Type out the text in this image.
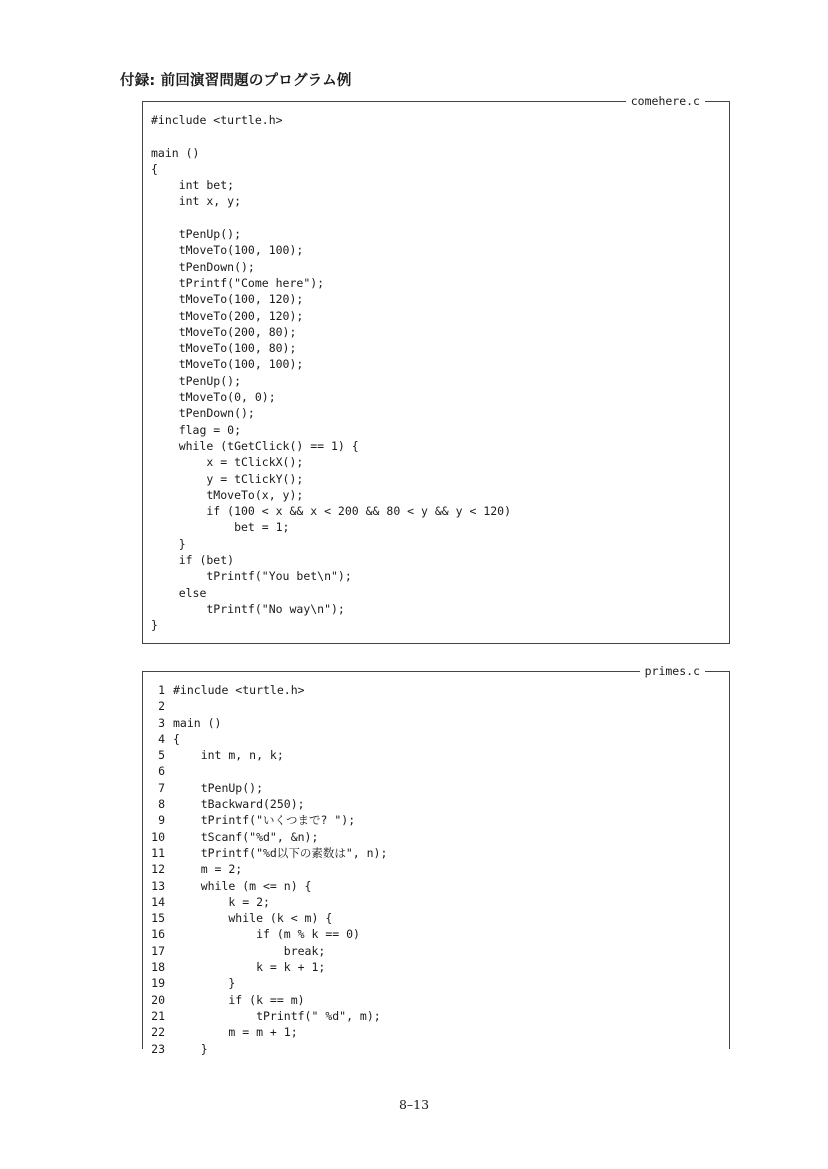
付録: 前回演習問題のプログラム例
comehere.c
#include <turtle.h>
main ()
{
int bet;
int x, y;
tPenUp();
tMoveTo(100, 100);
tPenDown();
tPrintf("Come here");
tMoveTo(100, 120);
tMoveTo(200, 120);
tMoveTo(200, 80);
tMoveTo(100, 80);
tMoveTo(100, 100);
tPenUp();
tMoveTo(0, 0);
tPenDown();
flag = 0;
while (tGetClick() == 1) {
x = tClickX();
y = tClickY();
tMoveTo(x, y);
if (100 < x && x < 200 && 80 < y && y < 120)
bet = 1;
}
if (bet)
tPrintf("You bet\n");
else
tPrintf("No way\n");
}
primes.c
1 #include <turtle.h>
2
3 main ()
4 {
5    int m, n, k;
6
7    tPenUp();
8    tBackward(250);
9    tPrintf("いくつまで? ");
10    tScanf("%d", &n);
11    tPrintf("%d以下の素数は", n);
12    m = 2;
13    while (m <= n) {
14        k = 2;
15        while (k < m) {
16            if (m % k == 0)
17                break;
18            k = k + 1;
19        }
20        if (k == m)
21            tPrintf(" %d", m);
22        m = m + 1;
23    }

8–13
